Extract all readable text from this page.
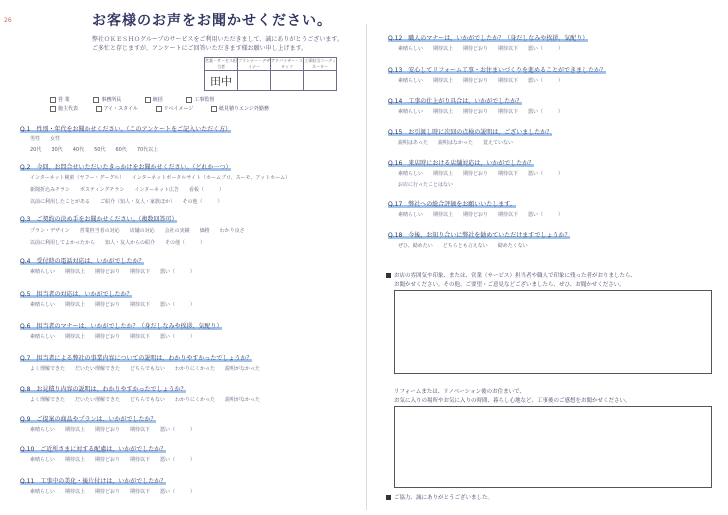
26	お客様のお声をお聞かせください。
弊社ＯＫＥＳＨＯグループのサービスをご利用いただきまして、誠にありがとうございます。
ご多忙と存じますが、アンケートにご回答いただきます様お願い申し上げます。
営業・サービス担当者	プランナー・デザイナー	アドバイザー・スタッフ	工事担当コーディネーター
田中			
営 業	事務所長	統括	工事監督
施主代表	アイ・スタイル	リペイメージ	紙見積りエンジ外勤務
Q.1　性別・年代をお聞かせください。（このアンケートをご記入いただく方）
男性　　女性
20代　　30代　　40代　　50代　　60代　　70代以上
Q.2　今回、お問合せいただいたきっかけをお聞かせください。（どれか一つ）
インターネット検索（ヤフー・グーグル）　　インターネットポータルサイト（ホームプロ、スーモ、アットホーム）
新聞折込みチラシ　　ポスティングチラシ　　インターネット広告　　看板（　　　）
以前に利用したことがある　　ご紹介（知人・友人・家族ほか）　　その他（　　　）
Q.3　ご契約の決め手をお聞かせください。（複数回答可）
プラン・デザイン　　営業担当者の対応　　店舗の対応　　会社の実績　　価格　　わかり良さ
以前に利用してよかったから　　知人・友人からの紹介　　その他（　　　）
Q.4　受付時の電話対応は、いかがでしたか？
素晴らしい　　期待以上　　期待どおり　　期待以下　　悪い（　　　）
Q.5　担当者の対応は、いかがでしたか？
素晴らしい　　期待以上　　期待どおり　　期待以下　　悪い（　　　）
Q.6　担当者のマナーは、いかがでしたか？（身だしなみや挨拶、気配り）
素晴らしい　　期待以上　　期待どおり　　期待以下　　悪い（　　　）
Q.7　担当者による弊社の事業内容についての説明は、わかりやすかったでしょうか？
よく理解できた　　だいたい理解できた　　どちらでもない　　わかりにくかった　　説明がなかった
Q.8　お見積り内容の説明は、わかりやすかったでしょうか？
よく理解できた　　だいたい理解できた　　どちらでもない　　わかりにくかった　　説明がなかった
Q.9　ご提案の商品やプランは、いかがでしたか？
素晴らしい　　期待以上　　期待どおり　　期待以下　　悪い（　　　）
Q.10　ご近所さまに対する配慮は、いかがでしたか？
素晴らしい　　期待以上　　期待どおり　　期待以下　　悪い（　　　）
Q.11　工事中の美化・後片付けは、いかがでしたか？
素晴らしい　　期待以上　　期待どおり　　期待以下　　悪い（　　　）
Q.12　職人のマナーは、いかがでしたか？（身だしなみや挨拶、気配り）
素晴らしい　　期待以上　　期待どおり　　期待以下　　悪い（　　　）
Q.13　安心してリフォーム工事・お住まいづくりを進めることができましたか？
素晴らしい　　期待以上　　期待どおり　　期待以下　　悪い（　　　）
Q.14　工事の仕上がり具合は、いかがでしたか？
素晴らしい　　期待以上　　期待どおり　　期待以下　　悪い（　　　）
Q.15　お引渡し時に次回の点検の説明は、ございましたか？
説明はあった　　説明はなかった　　覚えていない
Q.16　来店時における店舗対応は、いかがでしたか？
素晴らしい　　期待以上　　期待どおり　　期待以下　　悪い（　　　）
お店に行ったことはない
Q.17　弊社への総合評価をお願いいたします。
素晴らしい　　期待以上　　期待どおり　　期待以下　　悪い（　　　）
Q.18　今後、お知り合いに弊社を勧めていただけますでしょうか？
ぜひ、勧めたい　　どちらとも言えない　　勧めたくない
お店の雰囲気や印象、または、営業（サービス）担当者や職人で印象に残った者がおりましたら、
お聞かせください。その他、ご要望・ご意見などございましたら、ぜひ、お聞かせください。
リフォームまたは、リノベーション後のお住まいで、
お気に入りの場所やお気に入りの時間、暮らし心地など、工事後のご感想をお聞かせください。
ご協力、誠にありがとうございました。
